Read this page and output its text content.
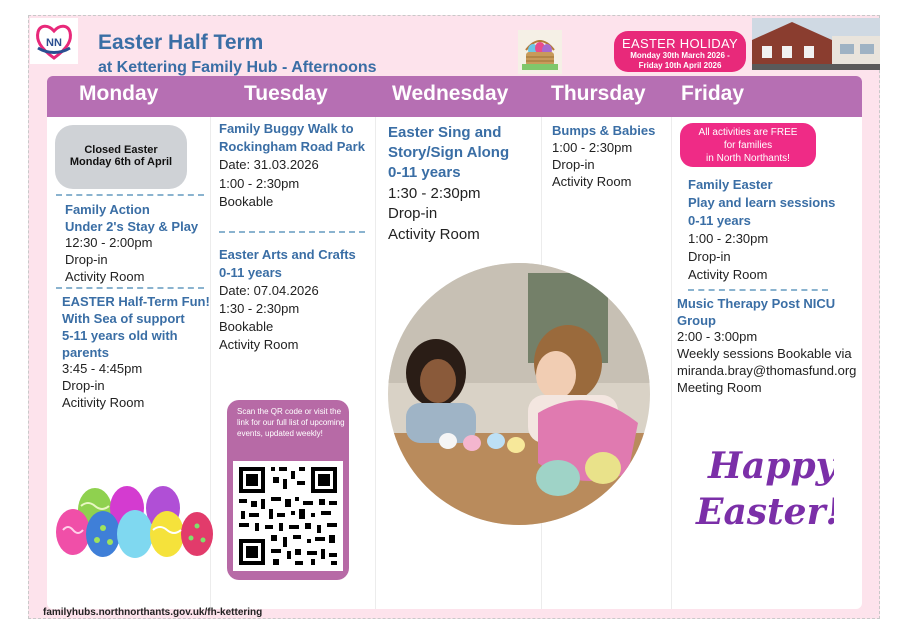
NN Easter Half Term
at Kettering Family Hub - Afternoons
EASTER HOLIDAY
Monday 30th March 2026 -
Friday 10th April 2026
Monday	Tuesday	Wednesday Thursday Friday
Closed Easter
Monday 6th of April
Family Action
Under 2's Stay & Play
12:30 - 2:00pm
Drop-in
Activity Room
EASTER Half-Term Fun!
With Sea of support
5-11 years old with
parents
3:45 - 4:45pm
Drop-in
Acitivity Room
Family Buggy Walk to
Rockingham Road Park
Date: 31.03.2026
1:00 - 2:30pm
Bookable
Easter Arts and Crafts
0-11 years
Date: 07.04.2026
1:30 - 2:30pm
Bookable
Activity Room
Scan the QR code or visit the link for our full list of upcoming events, updated weekly!
Easter Sing and
Story/Sign Along
0-11 years
1:30 - 2:30pm
Drop-in
Activity Room
Bumps & Babies
1:00 - 2:30pm
Drop-in
Activity Room
All activities are FREE
for families
in North Northants!
Family Easter
Play and learn sessions
0-11 years
1:00 - 2:30pm
Drop-in
Activity Room
Music Therapy Post NICU
Group
2:00 - 3:00pm
Weekly sessions Bookable via
miranda.bray@thomasfund.org
Meeting Room
Happy
Easter!
familyhubs.northnorthants.gov.uk/fh-kettering
